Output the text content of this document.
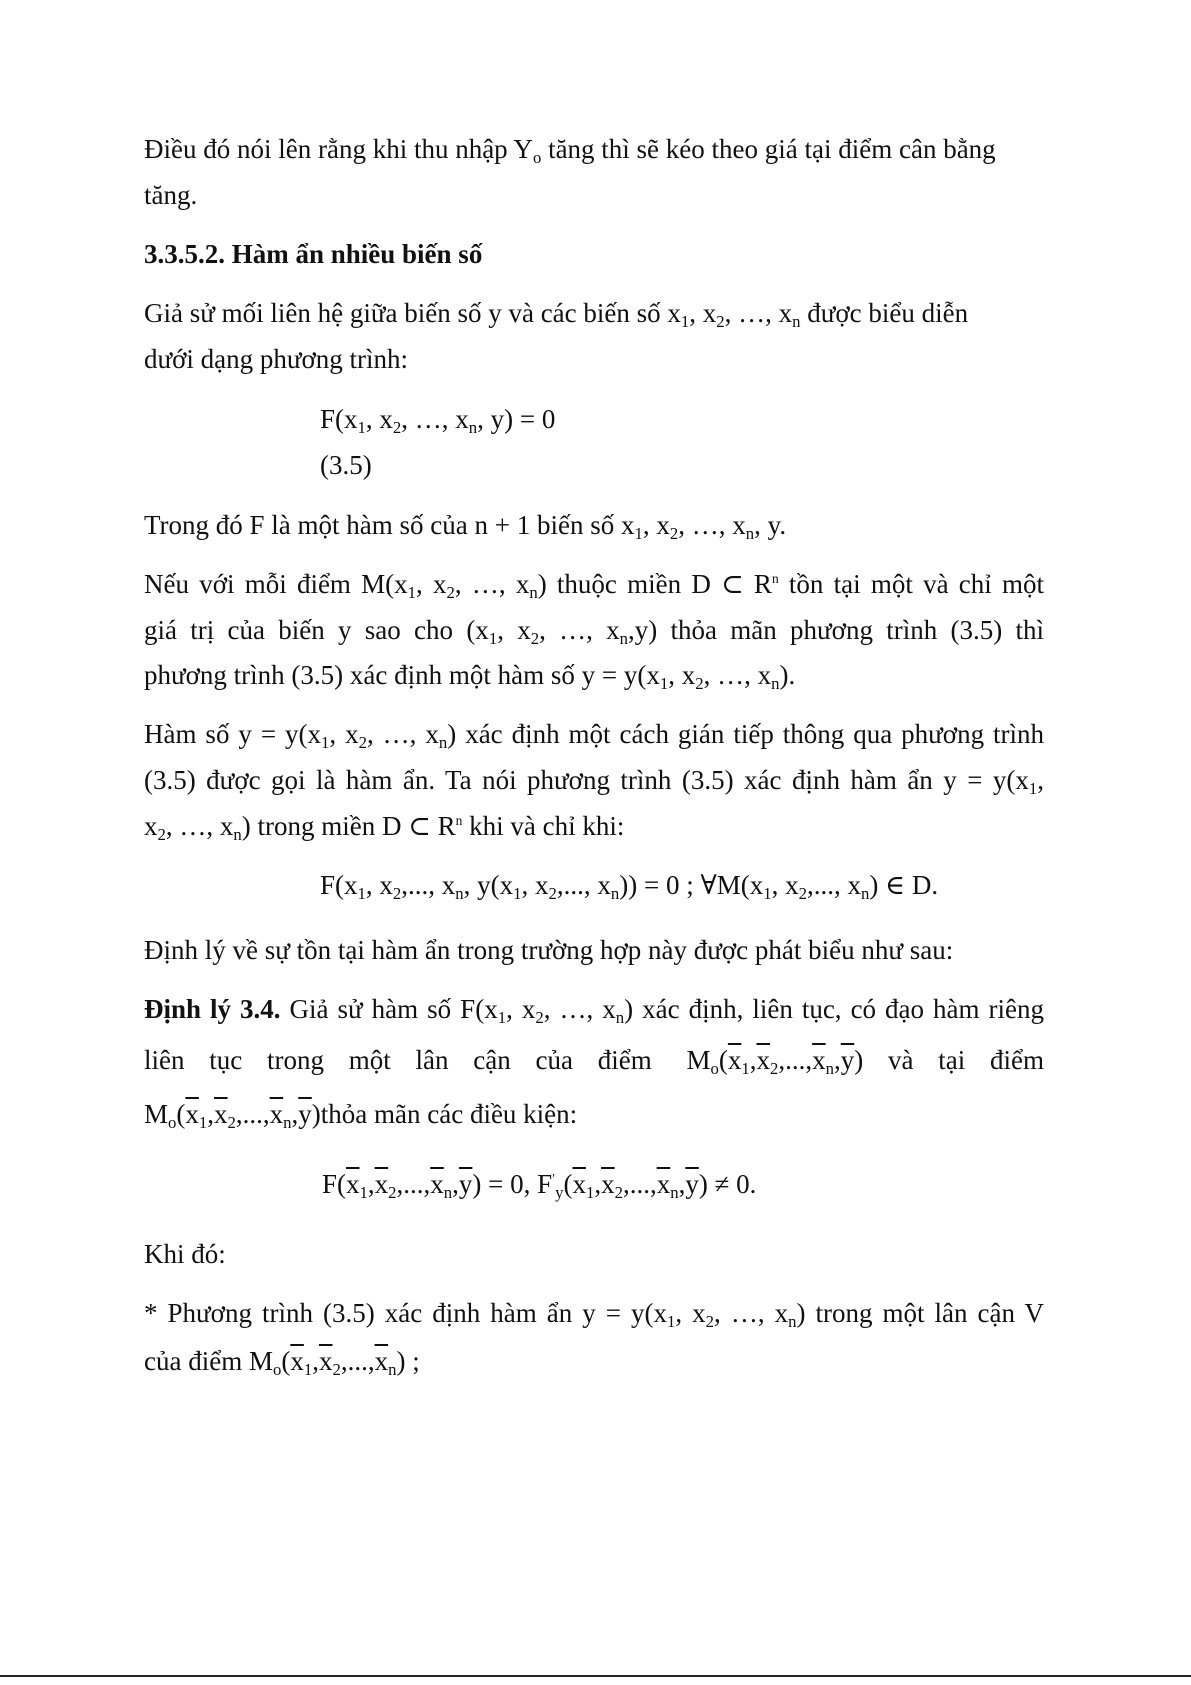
Điều đó nói lên rằng khi thu nhập $Y_o$ tăng thì sẽ kéo theo giá tại điểm cân bằng
tăng.
3.3.5.2. Hàm ẩn nhiều biến số
Giả sử mối liên hệ giữa biến số y và các biến số $x_1$, $x_2$, …, $x_n$ được biểu diễn
dưới dạng phương trình:
$F(x_1$, $x_2$, …, $x_n$, y) = 0
(3.5)
Trong đó F là một hàm số của n + 1 biến số $x_1$, $x_2$, …, $x_n$, y.
Nếu với mỗi điểm $M(x_1$, $x_2$, …, $x_n$) thuộc miền D ⊂ $R^n$ tồn tại một và chỉ một
giá trị của biến y sao cho ($x_1$, $x_2$, …, $x_n,y$) thỏa mãn phương trình (3.5) thì
phương trình (3.5) xác định một hàm số $y = y(x_1$, $x_2$, …, $x_n$).
Hàm số $y = y(x_1$, $x_2$, …, $x_n$) xác định một cách gián tiếp thông qua phương trình
(3.5) được gọi là hàm ẩn. Ta nói phương trình (3.5) xác định hàm ẩn $y = y(x_1$,
$x_2$, …, $x_n$) trong miền D ⊂ $R^n$ khi và chỉ khi:
$F(x_1$, $x_2$,..., $x_n$, $y(x_1$, $x_2$,..., $x_n)) = 0$ ; $\forall M(x_1$, $x_2$,..., $x_n$) ∈ D.
Định lý về sự tồn tại hàm ẩn trong trường hợp này được phát biểu như sau:
Định lý 3.4. Giả sử hàm số $F(x_1$, $x_2$, …, $x_n$) xác định, liên tục, có đạo hàm riêng
liên tục trong một lân cận của điểm $M_o(\overline{x}_1,\overline{x}_2,...,\overline{x}_n,\overline{y})$ và tại điểm
$M_o(\overline{x}_1,\overline{x}_2,...,\overline{x}_n,\overline{y})thỏa$ mãn các điều kiện:
$F(\overline{x}_1,\overline{x}_2,...,\overline{x}_n,\overline{y}) = 0$, $F'_y(\overline{x}_1,\overline{x}_2,...,\overline{x}_n,\overline{y}) \ne 0$.
Khi đó:
* Phương trình (3.5) xác định hàm ẩn $y = y(x_1$, $x_2$, …, $x_n$) trong một lân cận V
của điểm $M_o(\overline{x}_1,\overline{x}_2,...,\overline{x}_n)$ ;
